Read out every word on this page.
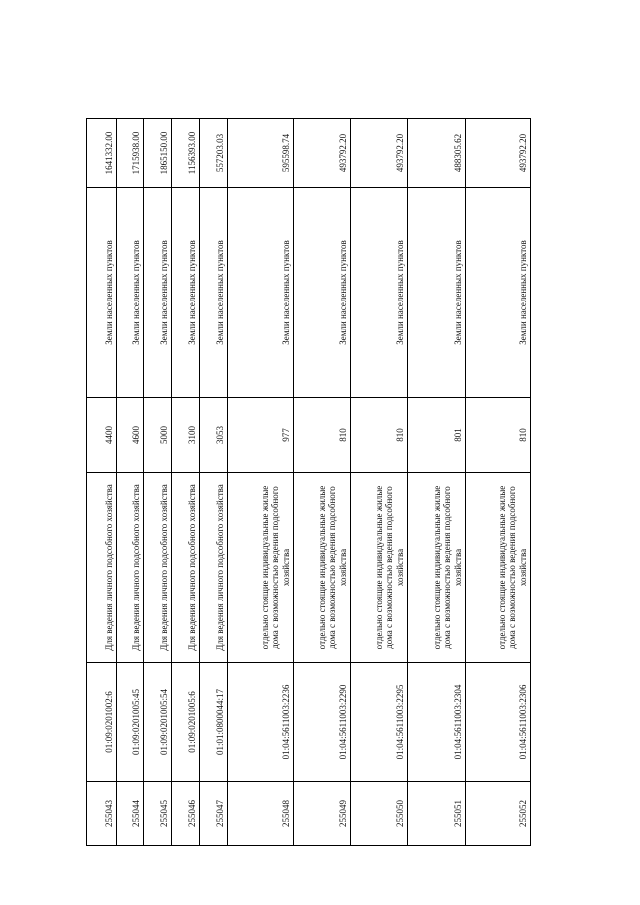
255043	01:09:0201002:6	Для ведения личного подсобного хозяйства	4400	Земли населенных пунктов	1641332.00
255044	01:09:0201005:45	Для ведения личного подсобного хозяйства	4600	Земли населенных пунктов	1715938.00
255045	01:09:0201005:54	Для ведения личного подсобного хозяйства	5000	Земли населенных пунктов	1865150.00
255046	01:09:0201005:6	Для ведения личного подсобного хозяйства	3100	Земли населенных пунктов	1156393.00
255047	01:01:0800044:17	Для ведения личного подсобного хозяйства	3053	Земли населенных пунктов	557203.03
255048	01:04:5611003:2236	отдельно стоящие индивидуальные жилые дома с возможностью ведения подсобного хозяйства	977	Земли населенных пунктов	595598.74
255049	01:04:5611003:2290	отдельно стоящие индивидуальные жилые дома с возможностью ведения подсобного хозяйства	810	Земли населенных пунктов	493792.20
255050	01:04:5611003:2295	отдельно стоящие индивидуальные жилые дома с возможностью ведения подсобного хозяйства	810	Земли населенных пунктов	493792.20
255051	01:04:5611003:2304	отдельно стоящие индивидуальные жилые дома с возможностью ведения подсобного хозяйства	801	Земли населенных пунктов	488305.62
255052	01:04:5611003:2306	отдельно стоящие индивидуальные жилые дома с возможностью ведения подсобного хозяйства	810	Земли населенных пунктов	493792.20
